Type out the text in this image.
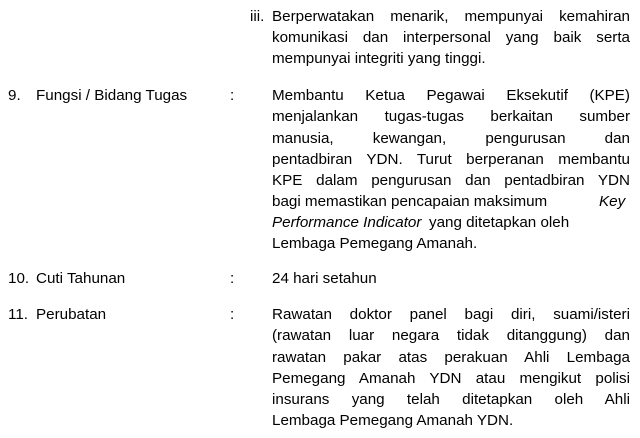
iii. Berperwatakan menarik, mempunyai kemahiran
komunikasi dan interpersonal yang baik serta
mempunyai integriti yang tinggi.
9. Fungsi / Bidang Tugas	: Membantu Ketua Pegawai Eksekutif (KPE)
menjalankan tugas-tugas berkaitan sumber
manusia, kewangan, pengurusan dan
pentadbiran YDN. Turut berperanan membantu
KPE dalam pengurusan dan pentadbiran YDN
bagi memastikan pencapaian maksimum	Key
Performance Indicator yang ditetapkan oleh
Lembaga Pemegang Amanah.
10. Cuti Tahunan	: 24 hari setahun
11. Perubatan	: Rawatan doktor panel bagi diri, suami/isteri
(rawatan luar negara tidak ditanggung) dan
rawatan pakar atas perakuan Ahli Lembaga
Pemegang Amanah YDN atau mengikut polisi
insurans yang telah ditetapkan oleh Ahli
Lembaga Pemegang Amanah YDN.
